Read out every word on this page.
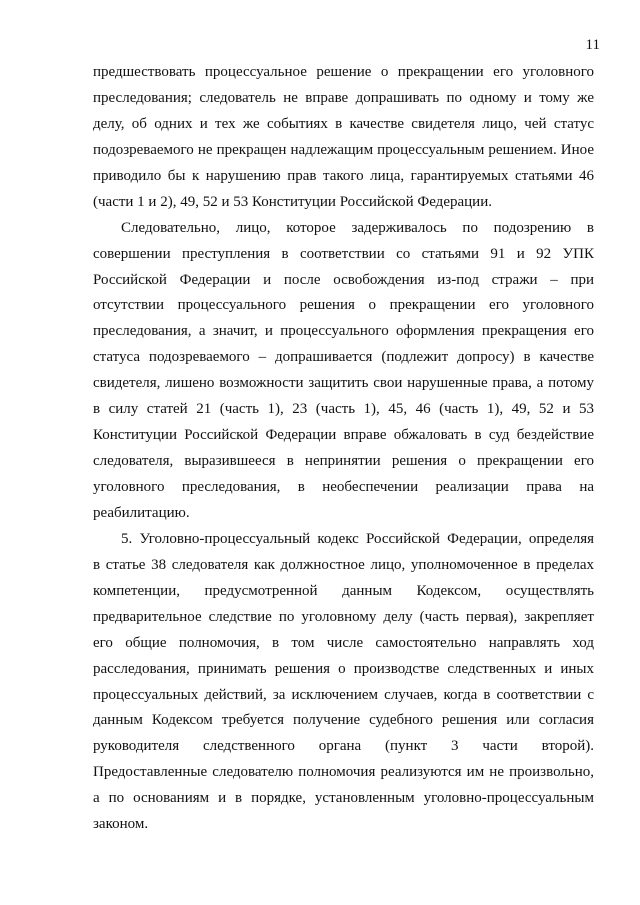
11
предшествовать процессуальное решение о прекращении его уголовного
преследования; следователь не вправе допрашивать по одному и тому же
делу, об одних и тех же событиях в качестве свидетеля лицо, чей статус
подозреваемого не прекращен надлежащим процессуальным решением. Иное
приводило бы к нарушению прав такого лица, гарантируемых статьями 46
(части 1 и 2), 49, 52 и 53 Конституции Российской Федерации.
Следовательно, лицо, которое задерживалось по подозрению в
совершении преступления в соответствии со статьями 91 и 92 УПК
Российской Федерации и после освобождения из-под стражи – при
отсутствии процессуального решения о прекращении его уголовного
преследования, а значит, и процессуального оформления прекращения его
статуса подозреваемого – допрашивается (подлежит допросу) в качестве
свидетеля, лишено возможности защитить свои нарушенные права, а потому
в силу статей 21 (часть 1), 23 (часть 1), 45, 46 (часть 1), 49, 52 и 53
Конституции Российской Федерации вправе обжаловать в суд бездействие
следователя, выразившееся в непринятии решения о прекращении его
уголовного преследования, в необеспечении реализации права на
реабилитацию.
5. Уголовно-процессуальный кодекс Российской Федерации, определяя
в статье 38 следователя как должностное лицо, уполномоченное в пределах
компетенции, предусмотренной данным Кодексом, осуществлять
предварительное следствие по уголовному делу (часть первая), закрепляет
его общие полномочия, в том числе самостоятельно направлять ход
расследования, принимать решения о производстве следственных и иных
процессуальных действий, за исключением случаев, когда в соответствии с
данным Кодексом требуется получение судебного решения или согласия
руководителя следственного органа (пункт 3 части второй).
Предоставленные следователю полномочия реализуются им не произвольно,
а по основаниям и в порядке, установленным уголовно-процессуальным
законом.
